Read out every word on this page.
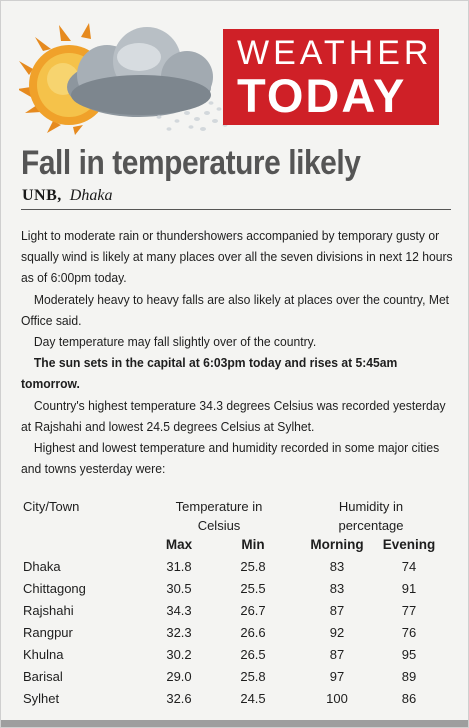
WEATHER
TODAY
Fall in temperature likely
UNB, Dhaka

Light to moderate rain or thundershowers accompanied by temporary gusty or squally wind is likely at many places over all the seven divisions in next 12 hours as of 6:00pm today.

Moderately heavy to heavy falls are also likely at places over the country, Met Office said.

Day temperature may fall slightly over of the country.

The sun sets in the capital at 6:03pm today and rises at 5:45am tomorrow.

Country's highest temperature 34.3 degrees Celsius was recorded yesterday at Rajshahi and lowest 24.5 degrees Celsius at Sylhet.

Highest and lowest temperature and humidity recorded in some major cities and towns yesterday were:

City/Town	Temperature in
Celsius
Humidity in
percentage
Max	Min	Morning	Evening
Dhaka	31.8	25.8	83	74
Chittagong	30.5	25.5	83	91
Rajshahi	34.3	26.7	87	77
Rangpur	32.3	26.6	92	76
Khulna	30.2	26.5	87	95
Barisal	29.0	25.8	97	89
Sylhet	32.6	24.5	100	86
